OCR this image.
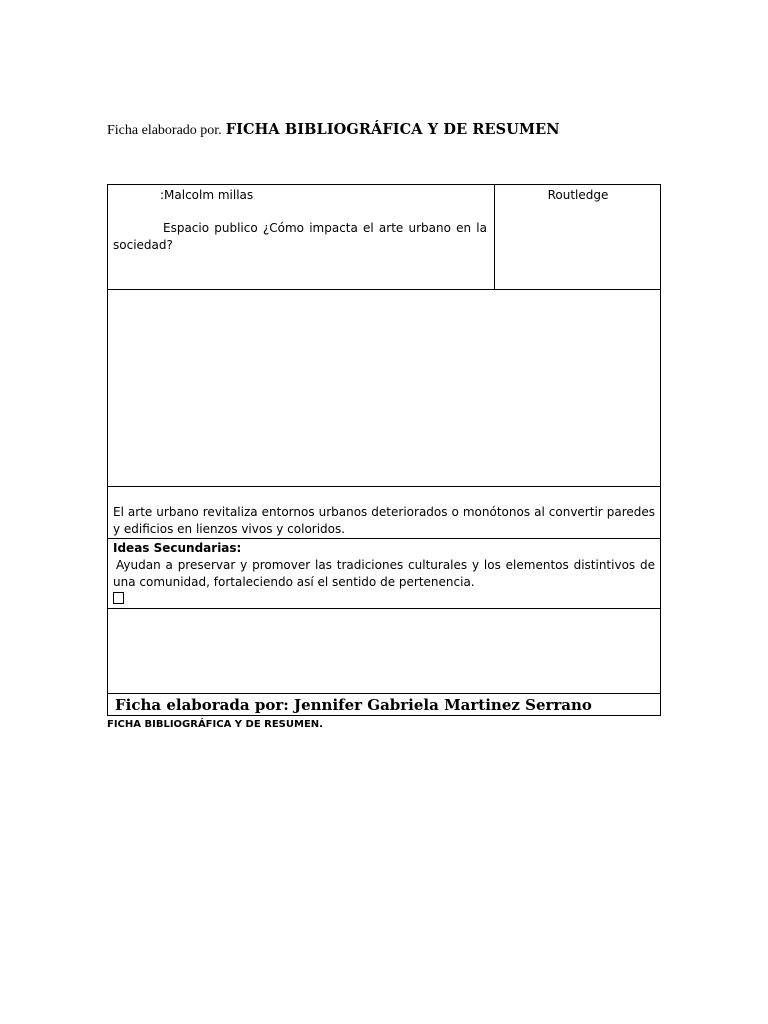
Ficha elaborado por. FICHA BIBLIOGRÁFICA Y DE RESUMEN
:Malcolm millas
Espacio publico ¿Cómo impacta el arte urbano en la sociedad?
Routledge
El arte urbano revitaliza entornos urbanos deteriorados o monótonos al convertir paredes y edificios en lienzos vivos y coloridos.
Ideas Secundarias:
Ayudan a preservar y promover las tradiciones culturales y los elementos distintivos de una comunidad, fortaleciendo así el sentido de pertenencia.
Ficha elaborada por: Jennifer Gabriela Martinez Serrano
FICHA BIBLIOGRÁFICA Y DE RESUMEN.
